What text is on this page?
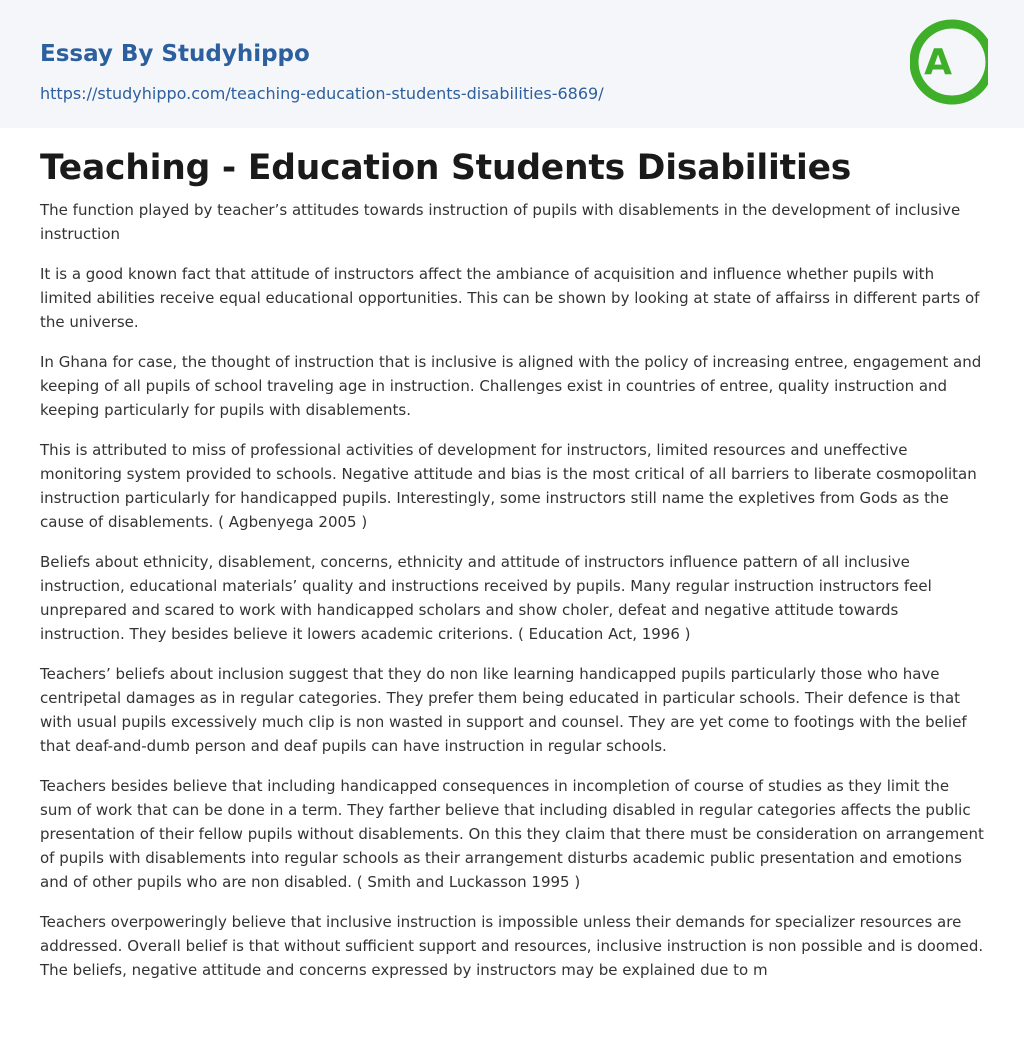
Essay By Studyhippo
https://studyhippo.com/teaching-education-students-disabilities-6869/
A
Teaching - Education Students Disabilities

The function played by teacher’s attitudes towards instruction of pupils with disablements in the development of inclusive instruction

It is a good known fact that attitude of instructors affect the ambiance of acquisition and influence whether pupils with limited abilities receive equal educational opportunities. This can be shown by looking at state of affairss in different parts of the universe.

In Ghana for case, the thought of instruction that is inclusive is aligned with the policy of increasing entree, engagement and keeping of all pupils of school traveling age in instruction. Challenges exist in countries of entree, quality instruction and keeping particularly for pupils with disablements.

This is attributed to miss of professional activities of development for instructors, limited resources and uneffective monitoring system provided to schools. Negative attitude and bias is the most critical of all barriers to liberate cosmopolitan instruction particularly for handicapped pupils. Interestingly, some instructors still name the expletives from Gods as the cause of disablements. ( Agbenyega 2005 )

Beliefs about ethnicity, disablement, concerns, ethnicity and attitude of instructors influence pattern of all inclusive instruction, educational materials’ quality and instructions received by pupils. Many regular instruction instructors feel unprepared and scared to work with handicapped scholars and show choler, defeat and negative attitude towards instruction. They besides believe it lowers academic criterions. ( Education Act, 1996 )

Teachers’ beliefs about inclusion suggest that they do non like learning handicapped pupils particularly those who have centripetal damages as in regular categories. They prefer them being educated in particular schools. Their defence is that with usual pupils excessively much clip is non wasted in support and counsel. They are yet come to footings with the belief that deaf-and-dumb person and deaf pupils can have instruction in regular schools.

Teachers besides believe that including handicapped consequences in incompletion of course of studies as they limit the sum of work that can be done in a term. They farther believe that including disabled in regular categories affects the public presentation of their fellow pupils without disablements. On this they claim that there must be consideration on arrangement of pupils with disablements into regular schools as their arrangement disturbs academic public presentation and emotions and of other pupils who are non disabled. ( Smith and Luckasson 1995 )

Teachers overpoweringly believe that inclusive instruction is impossible unless their demands for specializer resources are addressed. Overall belief is that without sufficient support and resources, inclusive instruction is non possible and is doomed. The beliefs, negative attitude and concerns expressed by instructors may be explained due to m
